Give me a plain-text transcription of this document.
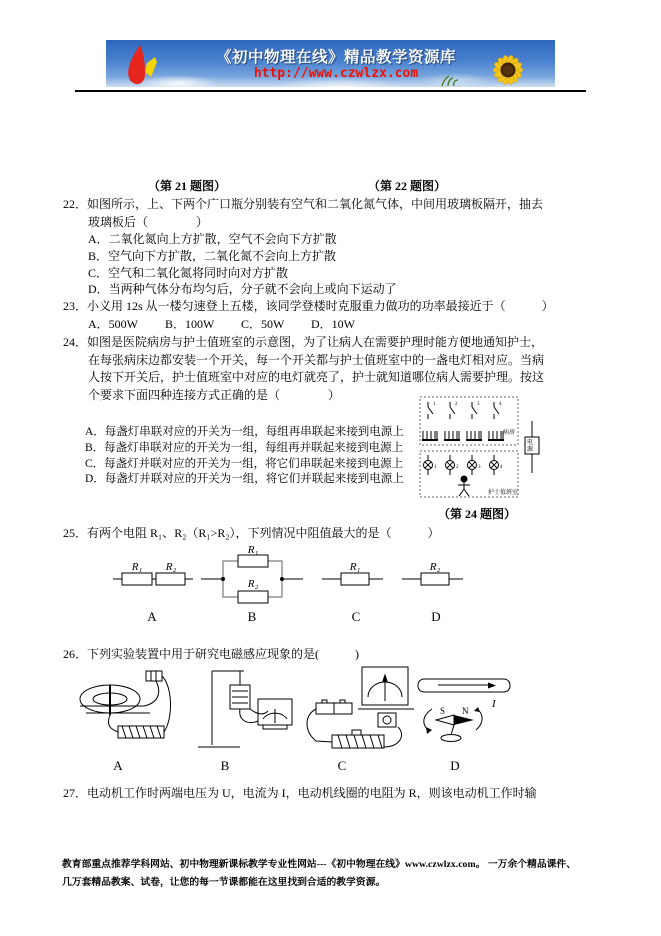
《初中物理在线》精品教学资源库
http://www.czwlzx.com
（第 21 题图）	（第 22 题图）
22．如图所示，上、下两个广口瓶分别装有空气和二氧化氮气体，中间用玻璃板隔开，抽去
玻璃板后（　　　　）
A．二氧化氮向上方扩散，空气不会向下方扩散
B．空气向下方扩散，二氧化氮不会向上方扩散
C．空气和二氧化氮将同时向对方扩散
D．当两种气体分布均匀后，分子就不会向上或向下运动了
23．小义用 12s 从一楼匀速登上五楼，该同学登楼时克服重力做功的功率最接近于（　　　）
A．500W B．100W C．50W D．10W
24．如图是医院病房与护士值班室的示意图，为了让病人在需要护理时能方便地通知护士，
在每张病床边都安装一个开关，每一个开关都与护士值班室中的一盏电灯相对应。当病
人按下开关后，护士值班室中对应的电灯就亮了，护士就知道哪位病人需要护理。按这
个要求下面四种连接方式正确的是（　　　　）
A．每盏灯串联对应的开关为一组，每组再串联起来接到电源上
B．每盏灯串联对应的开关为一组，每组再并联起来接到电源上
C．每盏灯并联对应的开关为一组，将它们串联起来接到电源上
D．每盏灯并联对应的开关为一组，将它们并联起来接到电源上
1	2	3	4
1	2	3	4
病房
电源
护士值班室
（第 24 题图）
25．有两个电阻 R₁、R₂（R₁>R₂），下列情况中阻值最大的是（　　　）
R₁ R₂
R₁
R₂
R₁	R₂
A	B	C	D
26．下列实验装置中用于研究电磁感应现象的是(　　　)
S N
I
A	B	C	D
27．电动机工作时两端电压为 U，电流为 I，电动机线圈的电阻为 R，则该电动机工作时输
教育部重点推荐学科网站、初中物理新课标教学专业性网站---《初中物理在线》www.czwlzx.com。 一万余个精品课件、
几万套精品教案、试卷，让您的每一节课都能在这里找到合适的教学资源。
